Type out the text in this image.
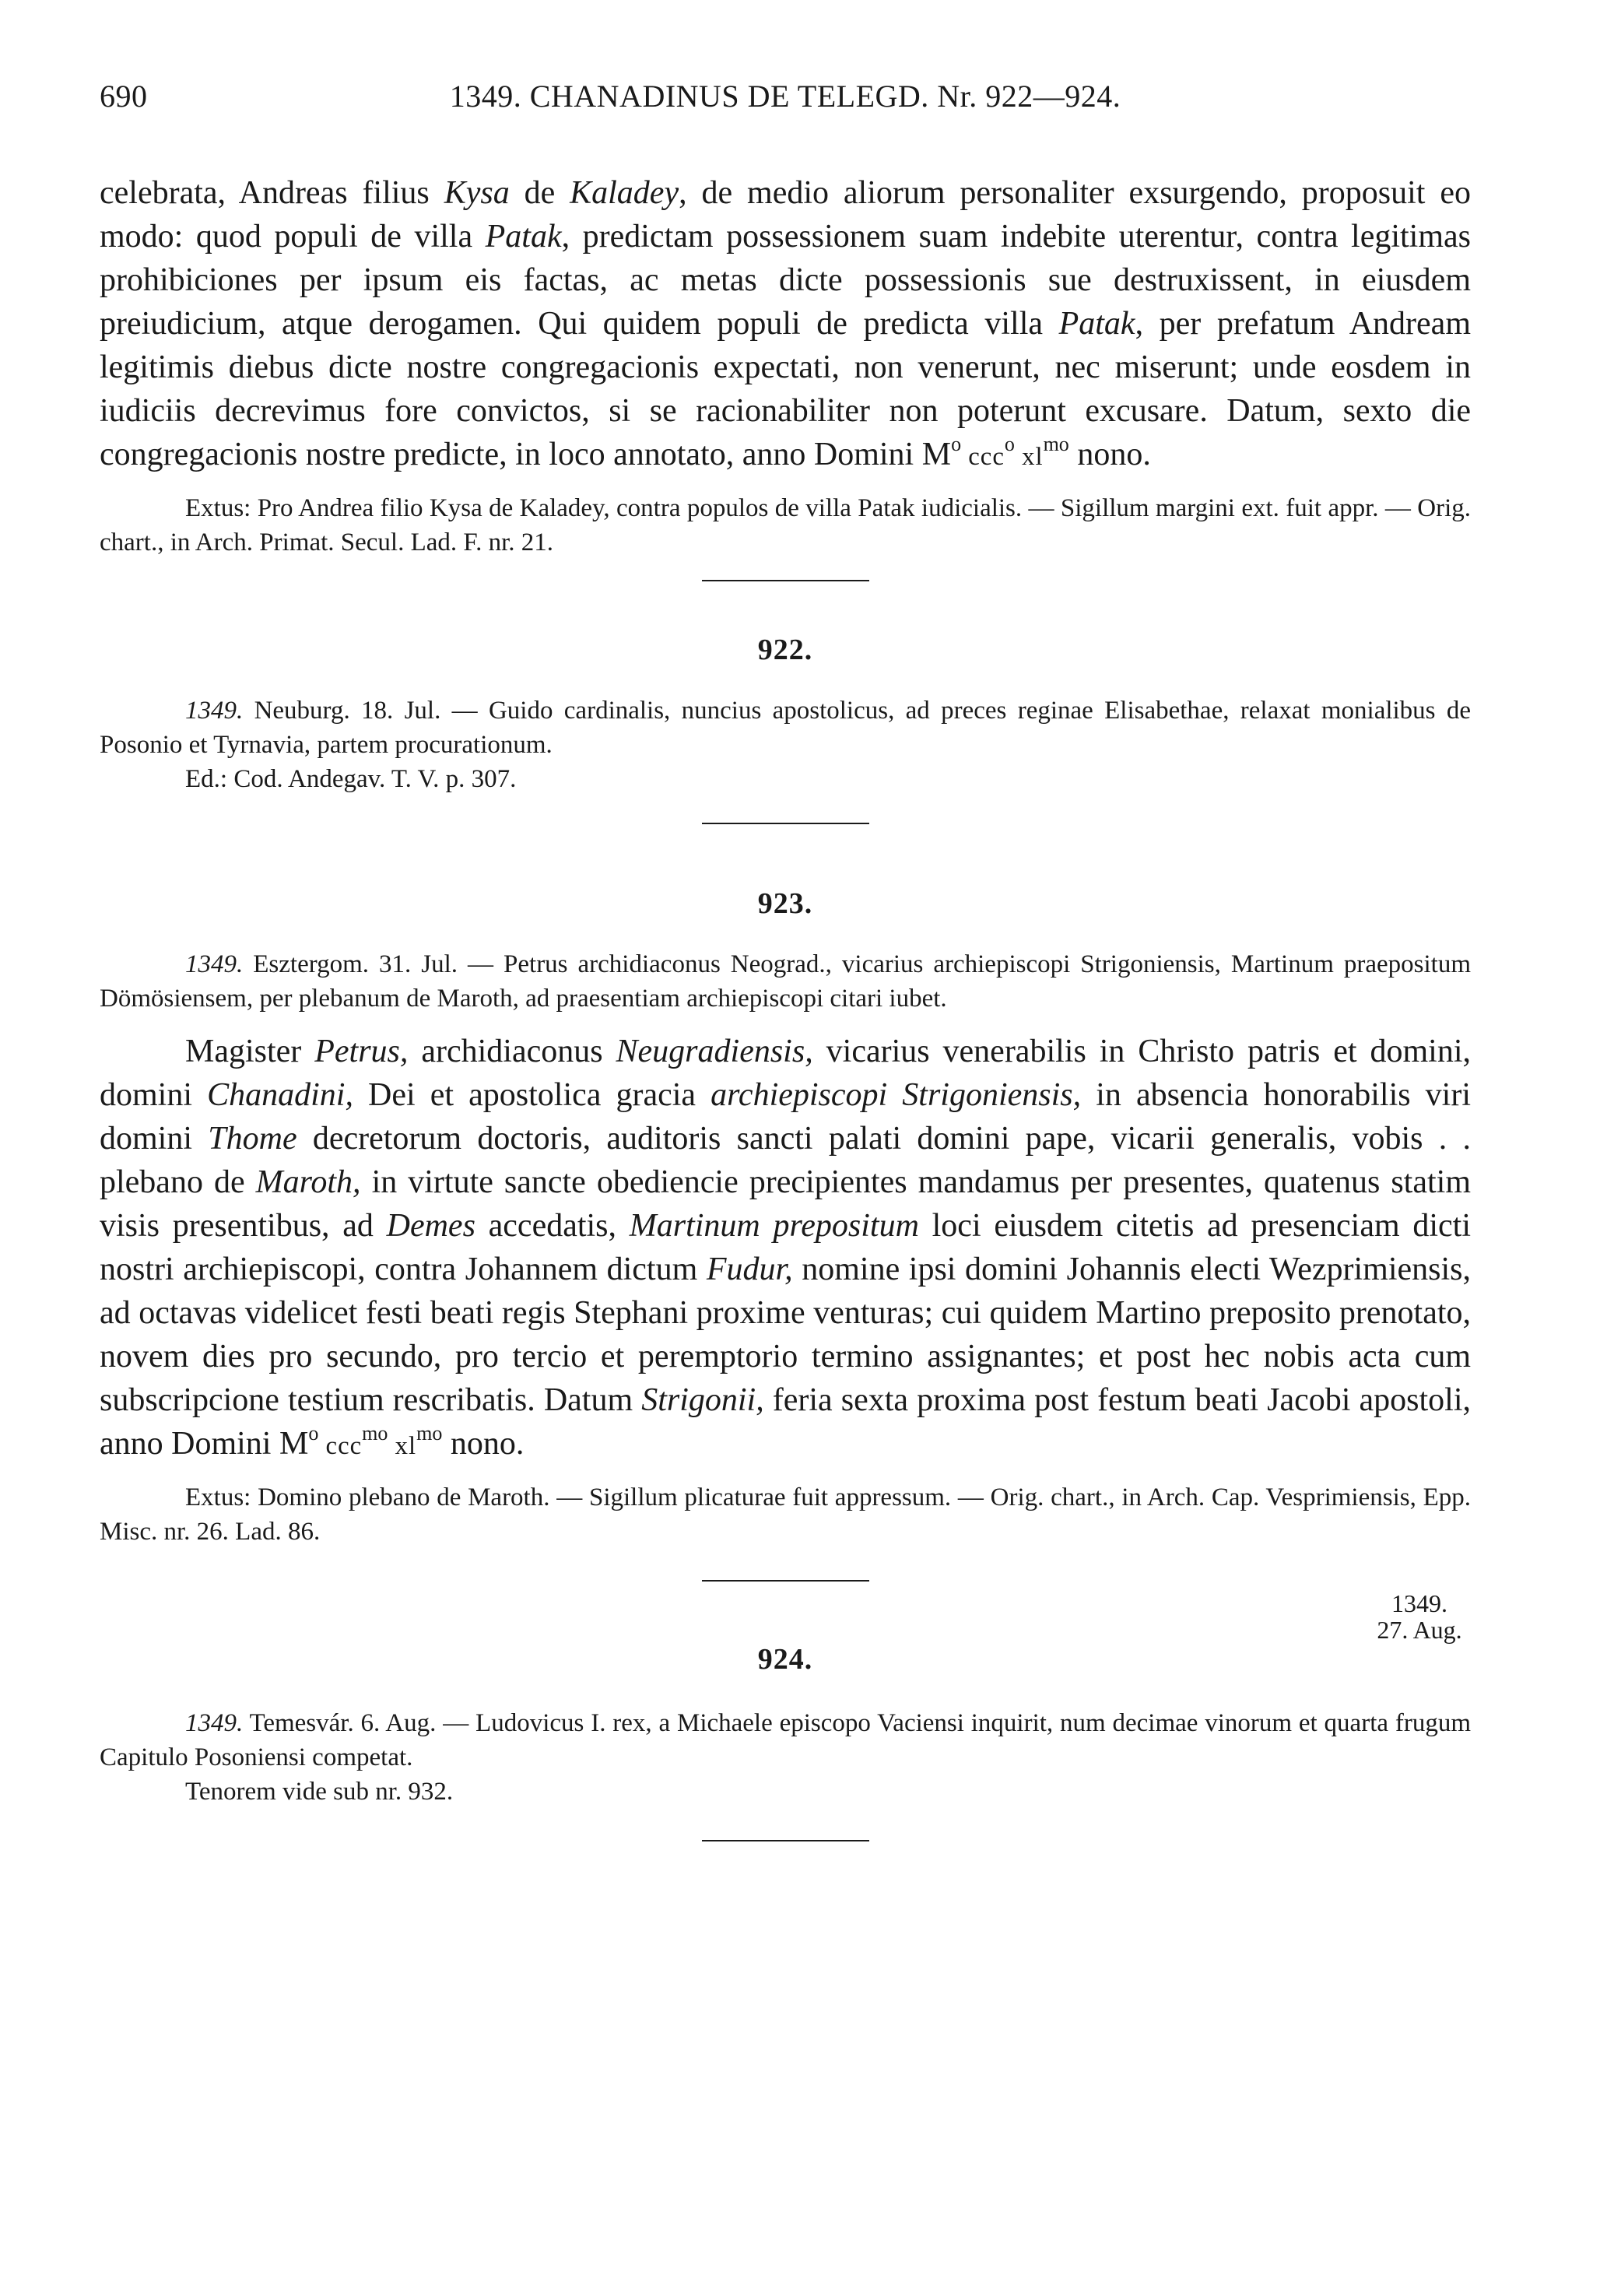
690	1349. CHANADINUS DE TELEGD. Nr. 922—924.

celebrata, Andreas filius Kysa de Kaladey, de medio aliorum personaliter exsurgendo, proposuit eo modo: quod populi de villa Patak, predictam possessionem suam indebite uterentur, contra legitimas prohibiciones per ipsum eis factas, ac metas dicte possessionis sue destruxissent, in eiusdem preiudicium, atque derogamen. Qui quidem populi de predicta villa Patak, per prefatum Andream legitimis diebus dicte nostre congregacionis expectati, non venerunt, nec miserunt; unde eosdem in iudiciis decrevimus fore convictos, si se racionabiliter non poterunt excusare. Datum, sexto die congregacionis nostre predicte, in loco annotato, anno Domini $M^o$ ccc$^o$ $xl^{mo}$ nono.

Extus: Pro Andrea filio Kysa de Kaladey, contra populos de villa Patak iudicialis. — Sigillum margini ext. fuit appr. — Orig. chart., in Arch. Primat. Secul. Lad. F. nr. 21.

922.

1349. Neuburg. 18. Jul. — Guido cardinalis, nuncius apostolicus, ad preces reginae Elisabethae, relaxat monialibus de Posonio et Tyrnavia, partem procurationum.

Ed.: Cod. Andegav. T. V. p. 307.

923.

1349. Esztergom. 31. Jul. — Petrus archidiaconus Neograd., vicarius archiepiscopi Strigoniensis, Martinum praepositum Dömösiensem, per plebanum de Maroth, ad praesentiam archiepiscopi citari iubet.

Magister Petrus, archidiaconus Neugradiensis, vicarius venerabilis in Christo patris et domini, domini Chanadini, Dei et apostolica gracia archiepiscopi Strigoniensis, in absencia honorabilis viri domini Thome decretorum doctoris, auditoris sancti palati domini pape, vicarii generalis, vobis . . plebano de Maroth, in virtute sancte obediencie precipientes mandamus per presentes, quatenus statim visis presentibus, ad Demes accedatis, Martinum prepositum loci eiusdem citetis ad presenciam dicti nostri archiepiscopi, contra Johannem dictum Fudur, nomine ipsi domini Johannis electi Wezprimiensis, ad octavas videlicet festi beati regis Stephani proxime venturas; cui quidem Martino preposito prenotato, novem dies pro secundo, pro tercio et peremptorio termino assignantes; et post hec nobis acta cum subscripcione testium rescribatis. Datum Strigonii, feria sexta proxima post festum beati Jacobi apostoli, anno Domini $M^o$ ccc$^{mo}$ $xl^{mo}$ nono.

Extus: Domino plebano de Maroth. — Sigillum plicaturae fuit appressum. — Orig. chart., in Arch. Cap. Vesprimiensis, Epp. Misc. nr. 26. Lad. 86.

924.

1349. Temesvár. 6. Aug. — Ludovicus I. rex, a Michaele episcopo Vaciensi inquirit, num decimae vinorum et quarta frugum Capitulo Posoniensi competat.

Tenorem vide sub nr. 932.

1349.
27. Aug.
